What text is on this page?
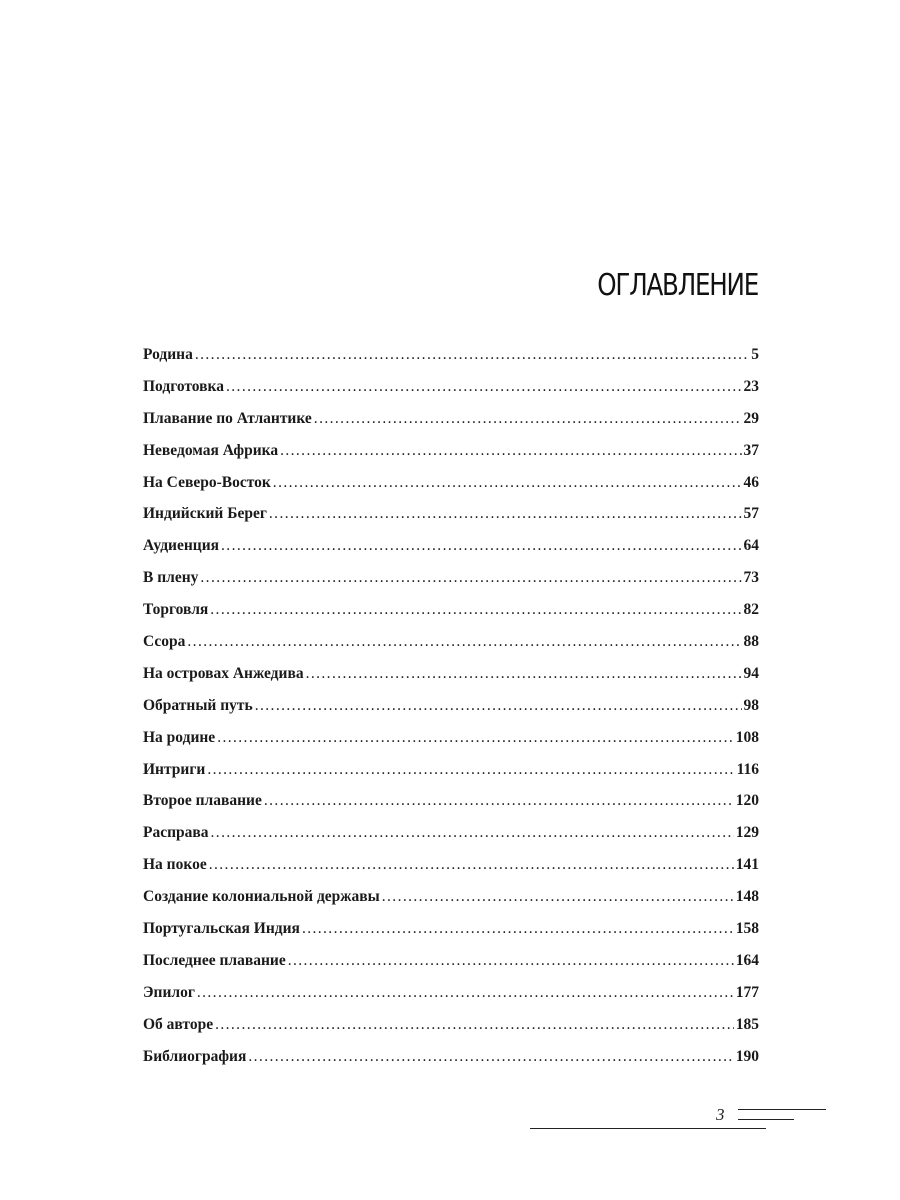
ОГЛАВЛЕНИЕ
Родина .....	5
Подготовка .....	23
Плавание по Атлантике .....	29
Неведомая Африка .....	37
На Северо-Восток .....	46
Индийский Берег .....	57
Аудиенция .....	64
В плену .....	73
Торговля .....	82
Ссора .....	88
На островах Анжедива .....	94
Обратный путь .....	98
На родине .....	108
Интриги .....	116
Второе плавание .....	120
Расправа .....	129
На покое .....	141
Создание колониальной державы .....	148
Португальская Индия .....	158
Последнее плавание .....	164
Эпилог .....	177
Об авторе .....	185
Библиография .....	190
3
